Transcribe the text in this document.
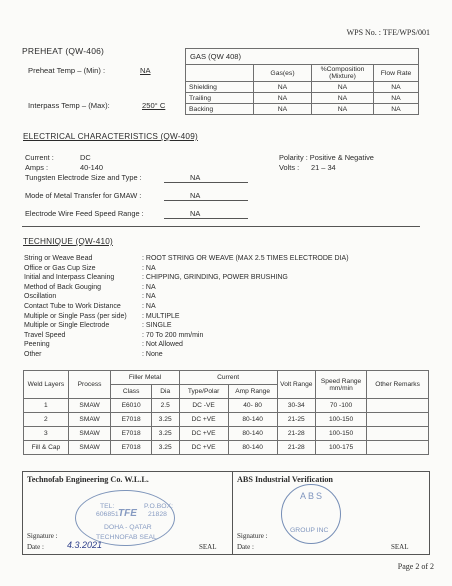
WPS No. : TFE/WPS/001
PREHEAT (QW-406)
Preheat Temp – (Min) :	NA
Interpass Temp – (Max):	250° C
GAS (QW 408)			
	Gas(es)	%Composition (Mixture)	Flow Rate
Shielding	NA	NA	NA
Trailing	NA	NA	NA
Backing	NA	NA	NA
ELECTRICAL CHARACTERISTICS (QW-409)
Current :	DC
Amps :	40-140
Polarity : Positive & Negative
Volts : 21 – 34
Tungsten Electrode Size and Type :	NA
Mode of Metal Transfer for GMAW :	NA
Electrode Wire Feed Speed Range :	NA
TECHNIQUE (QW-410)
String or Weave Bead	: ROOT STRING OR WEAVE (MAX 2.5 TIMES ELECTRODE DIA)
Office or Gas Cup Size	: NA
Initial and Interpass Cleaning	: CHIPPING, GRINDING, POWER BRUSHING
Method of Back Gouging	: NA
Oscillation	: NA
Contact Tube to Work Distance	: NA
Multiple or Single Pass (per side) : MULTIPLE
Multiple or Single Electrode	: SINGLE
Travel Speed	: 70 To 200 mm/min
Peening	: Not Allowed
Other	: None
Weld Layers	Process	Filler Metal		Current		Volt Range	Speed Range mm/min	Other Remarks
		Class	Dia	Type/Polar	Amp Range			
1	SMAW	E6010	2.5	DC -VE	40- 80	30-34	70 -100	
2	SMAW	E7018	3.25	DC +VE	80-140	21-25	100-150	
3	SMAW	E7018	3.25	DC +VE	80-140	21-28	100-150	
Fill & Cap	SMAW	E7018	3.25	DC +VE	80-140	21-28	100-175	
Technofab Engineering Co. W.L.L.
TEL:
606851 TFE
P.O.BOX:
21828
DOHA - QATAR
TECHNOFAB SEAL
Signature :
Date :	4.3.2021	SEAL

ABS Industrial Verification
ABS
GROUP INC
Signature :
Date :	SEAL
Page 2 of 2
